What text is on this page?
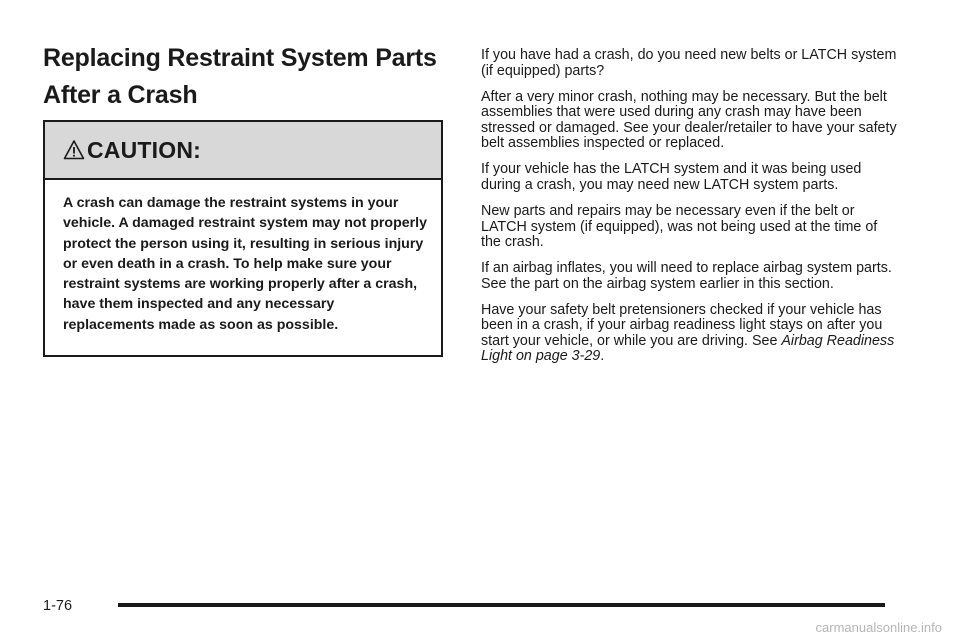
Replacing Restraint System Parts After a Crash
CAUTION:

A crash can damage the restraint systems in your vehicle. A damaged restraint system may not properly protect the person using it, resulting in serious injury or even death in a crash. To help make sure your restraint systems are working properly after a crash, have them inspected and any necessary replacements made as soon as possible.

If you have had a crash, do you need new belts or LATCH system (if equipped) parts?

After a very minor crash, nothing may be necessary. But the belt assemblies that were used during any crash may have been stressed or damaged. See your dealer/retailer to have your safety belt assemblies inspected or replaced.

If your vehicle has the LATCH system and it was being used during a crash, you may need new LATCH system parts.

New parts and repairs may be necessary even if the belt or LATCH system (if equipped), was not being used at the time of the crash.

If an airbag inflates, you will need to replace airbag system parts. See the part on the airbag system earlier in this section.

Have your safety belt pretensioners checked if your vehicle has been in a crash, if your airbag readiness light stays on after you start your vehicle, or while you are driving. See Airbag Readiness Light on page 3-29.

1-76
carmanualsonline.info
